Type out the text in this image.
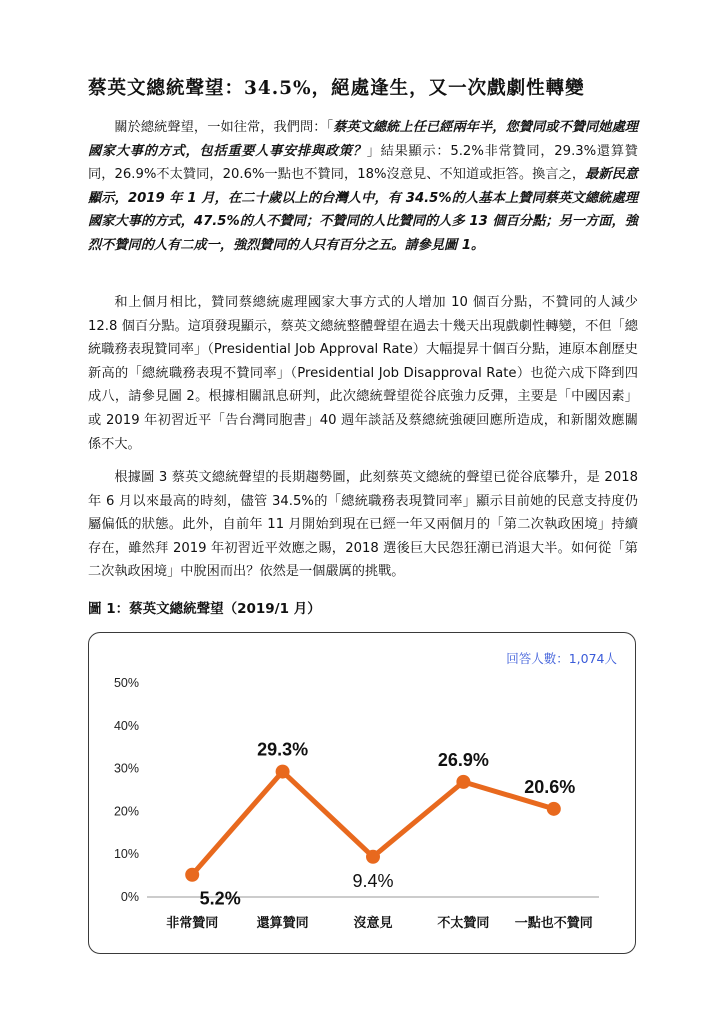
蔡英文總統聲望：34.5%，絕處逢生，又一次戲劇性轉變

關於總統聲望，一如往常，我們問：「蔡英文總統上任已經兩年半，您贊同或不贊同她處理國家大事的方式，包括重要人事安排與政策？」結果顯示：5.2%非常贊同，29.3%還算贊同，26.9%不太贊同，20.6%一點也不贊同，18%沒意見、不知道或拒答。換言之，最新民意顯示，2019 年 1 月，在二十歲以上的台灣人中，有 34.5%的人基本上贊同蔡英文總統處理國家大事的方式，47.5%的人不贊同；不贊同的人比贊同的人多 13 個百分點；另一方面，強烈不贊同的人有二成一，強烈贊同的人只有百分之五。請參見圖 1。

和上個月相比，贊同蔡總統處理國家大事方式的人增加 10 個百分點，不贊同的人減少 12.8 個百分點。這項發現顯示，蔡英文總統整體聲望在過去十幾天出現戲劇性轉變，不但「總統職務表現贊同率」（Presidential Job Approval Rate）大幅提昇十個百分點，連原本創歷史新高的「總統職務表現不贊同率」（Presidential Job Disapproval Rate）也從六成下降到四成八，請參見圖 2。根據相關訊息研判，此次總統聲望從谷底強力反彈，主要是「中國因素」或 2019 年初習近平「告台灣同胞書」40 週年談話及蔡總統強硬回應所造成，和新閣效應關係不大。

根據圖 3 蔡英文總統聲望的長期趨勢圖，此刻蔡英文總統的聲望已從谷底攀升，是 2018 年 6 月以來最高的時刻，儘管 34.5%的「總統職務表現贊同率」顯示目前她的民意支持度仍屬偏低的狀態。此外，自前年 11 月開始到現在已經一年又兩個月的「第二次執政困境」持續存在，雖然拜 2019 年初習近平效應之賜，2018 選後巨大民怨狂潮已消退大半。如何從「第二次執政困境」中脫困而出？依然是一個嚴厲的挑戰。

圖 1：蔡英文總統聲望（2019/1 月）

回答人數：1,074人
0%
10%
20%
30%
40%
50%
5.2%
29.3%
9.4%
26.9%
20.6%
非常贊同	還算贊同	沒意見	不太贊同 一點也不贊同
